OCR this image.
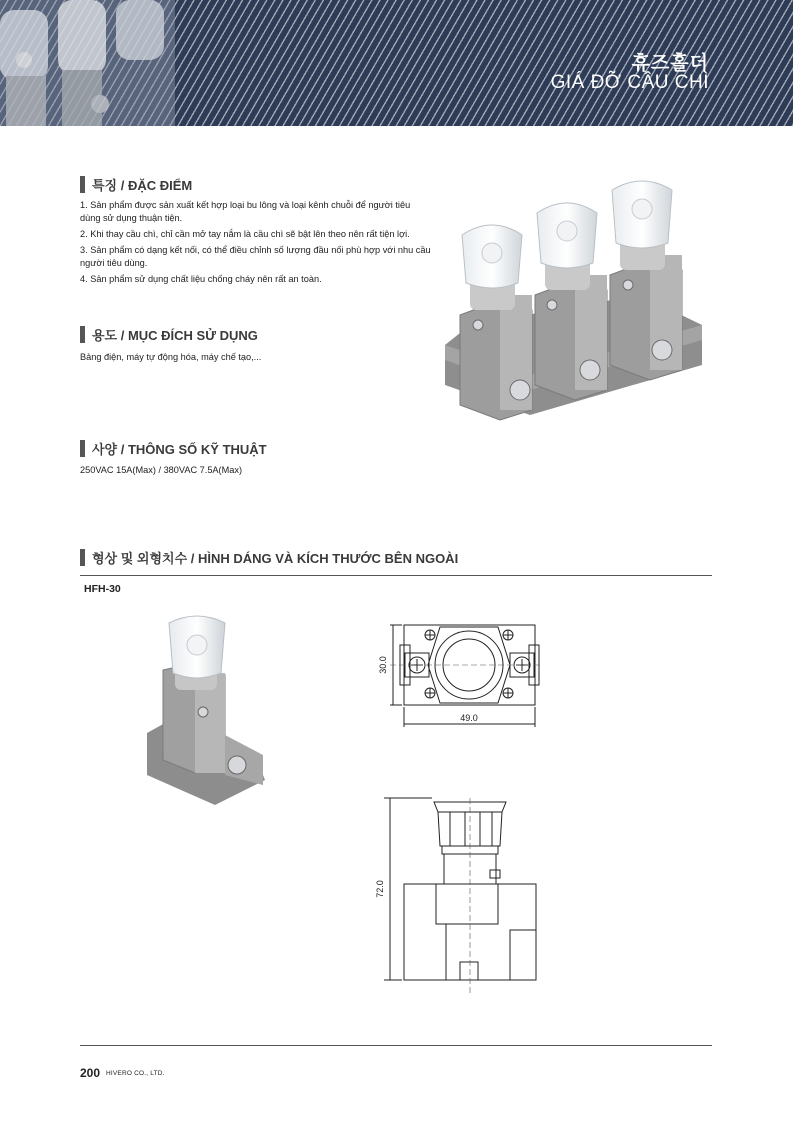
휴즈홀더
GIÁ ĐỠ CẦU CHÌ
특징 / ĐẶC ĐIỂM
1. Sản phẩm được sản xuất kết hợp loại bu lông và loại kênh chuỗi để người tiêu dùng sử dụng thuận tiện.
2. Khi thay cầu chì, chỉ cần mở tay nắm là cầu chì sẽ bật lên theo nên rất tiện lợi.
3. Sản phẩm có dạng kết nối, có thể điều chỉnh số lượng đầu nối phù hợp với nhu cầu người tiêu dùng.
4. Sản phẩm sử dụng chất liệu chống cháy nên rất an toàn.
용도 / MỤC ĐÍCH SỬ DỤNG
Bảng điện, máy tự động hóa, máy chế tạo,...
사양 / THÔNG SỐ KỸ THUẬT
250VAC 15A(Max) / 380VAC 7.5A(Max)
형상 및 외형치수 / HÌNH DÁNG VÀ KÍCH THƯỚC BÊN NGOÀI
HFH-30
30.0
49.0
72.0
200 HIVERO CO., LTD.
